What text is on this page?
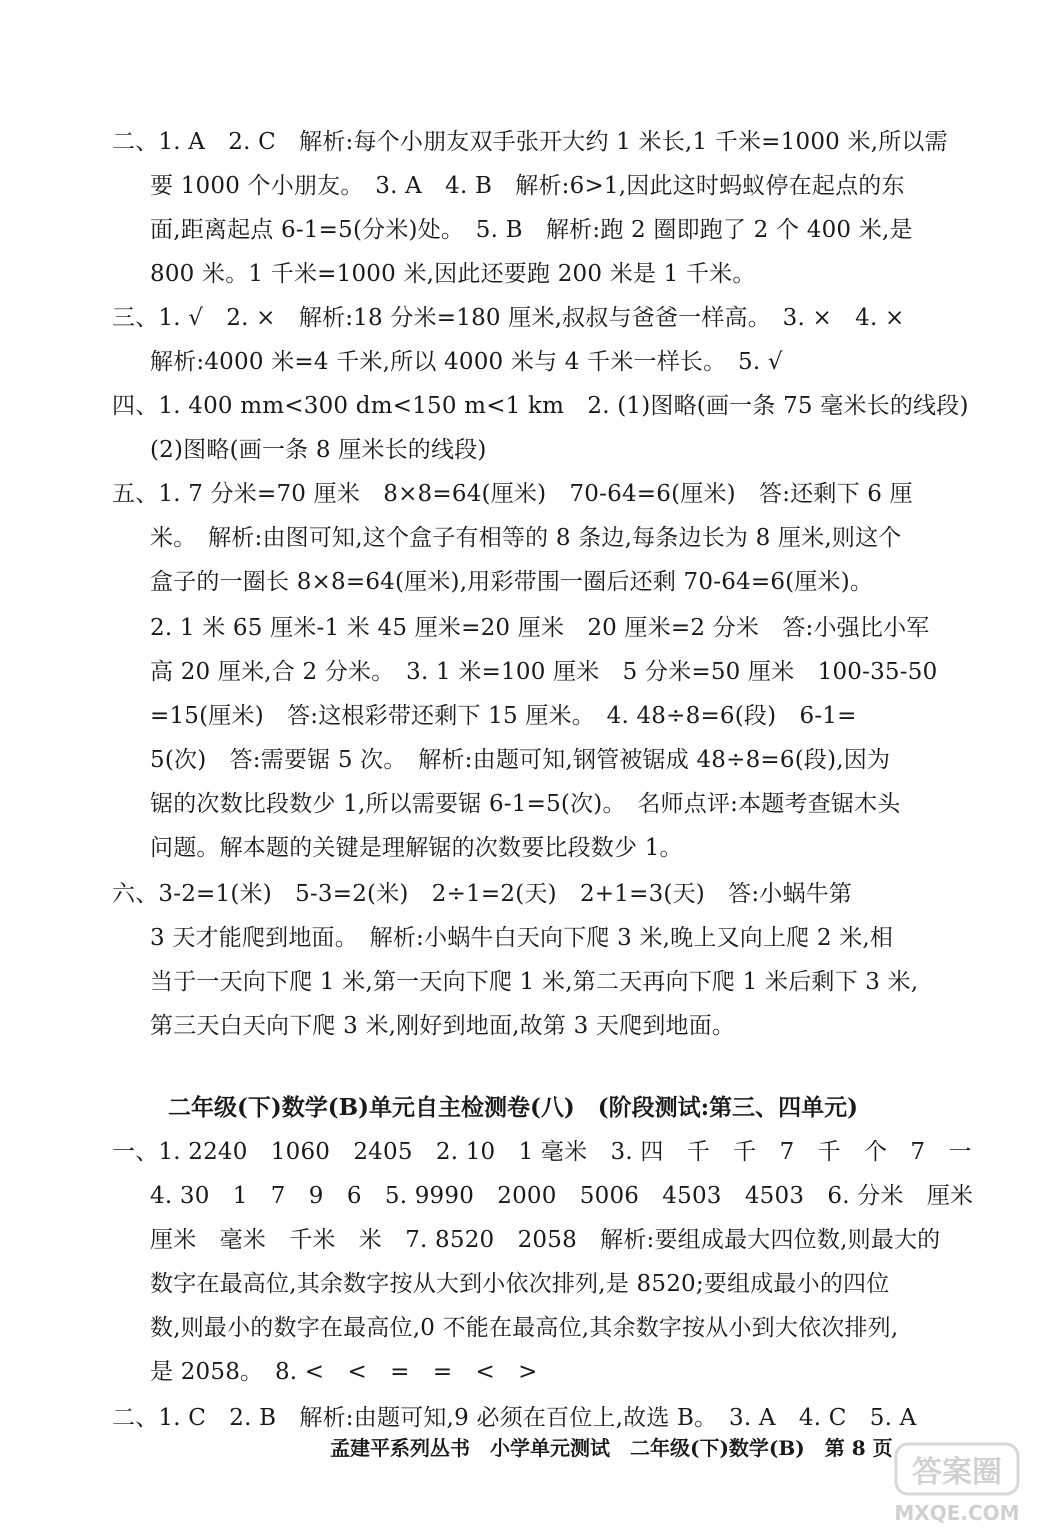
二、1. A　2. C　解析:每个小朋友双手张开大约 1 米长,1 千米=1000 米,所以需
要 1000 个小朋友。　3. A　4. B　解析:6>1,因此这时蚂蚁停在起点的东
面,距离起点 6-1=5(分米)处。　5. B　解析:跑 2 圈即跑了 2 个 400 米,是
800 米。1 千米=1000 米,因此还要跑 200 米是 1 千米。
三、1. √　2. ×　解析:18 分米=180 厘米,叔叔与爸爸一样高。　3. ×　4. ×
解析:4000 米=4 千米,所以 4000 米与 4 千米一样长。　5. √
四、1. 400 mm<300 dm<150 m<1 km　2. (1)图略(画一条 75 毫米长的线段)
(2)图略(画一条 8 厘米长的线段)
五、1. 7 分米=70 厘米　8×8=64(厘米)　70-64=6(厘米)　答:还剩下 6 厘
米。　解析:由图可知,这个盒子有相等的 8 条边,每条边长为 8 厘米,则这个
盒子的一圈长 8×8=64(厘米),用彩带围一圈后还剩 70-64=6(厘米)。
2. 1 米 65 厘米-1 米 45 厘米=20 厘米　20 厘米=2 分米　答:小强比小军
高 20 厘米,合 2 分米。　3. 1 米=100 厘米　5 分米=50 厘米　100-35-50
=15(厘米)　答:这根彩带还剩下 15 厘米。　4. 48÷8=6(段)　6-1=
5(次)　答:需要锯 5 次。　解析:由题可知,钢管被锯成 48÷8=6(段),因为
锯的次数比段数少 1,所以需要锯 6-1=5(次)。　名师点评:本题考查锯木头
问题。解本题的关键是理解锯的次数要比段数少 1。
六、3-2=1(米)　5-3=2(米)　2÷1=2(天)　2+1=3(天)　答:小蜗牛第
3 天才能爬到地面。　解析:小蜗牛白天向下爬 3 米,晚上又向上爬 2 米,相
当于一天向下爬 1 米,第一天向下爬 1 米,第二天再向下爬 1 米后剩下 3 米,
第三天白天向下爬 3 米,刚好到地面,故第 3 天爬到地面。
二年级(下)数学(B)单元自主检测卷(八)　(阶段测试:第三、四单元)
一、1. 2240　1060　2405　2. 10　1 毫米　3. 四　千　千　7　千　个　7　一
4. 30　1　7　9　6　5. 9990　2000　5006　4503　4503　6. 分米　厘米
厘米　毫米　千米　米　7. 8520　2058　解析:要组成最大四位数,则最大的
数字在最高位,其余数字按从大到小依次排列,是 8520;要组成最小的四位
数,则最小的数字在最高位,0 不能在最高位,其余数字按从小到大依次排列,
是 2058。　8. <　<　=　=　<　>
二、1. C　2. B　解析:由题可知,9 必须在百位上,故选 B。　3. A　4. C　5. A
孟建平系列丛书　小学单元测试　二年级(下)数学(B)　第 8 页
答案圈
MXQE.COM
